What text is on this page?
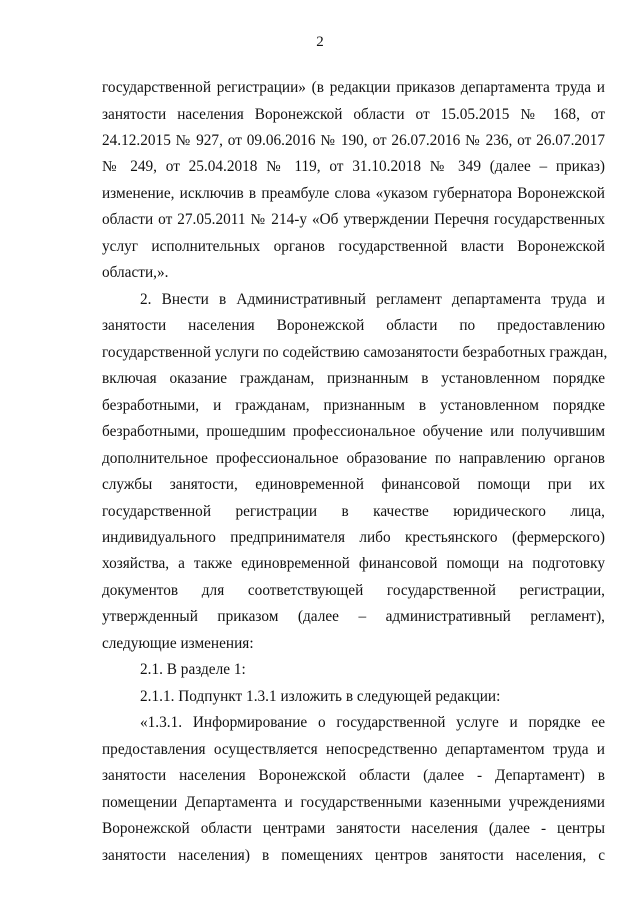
2
государственной регистрации» (в редакции приказов департамента труда и
занятости населения Воронежской области от 15.05.2015 № 168, от
24.12.2015 № 927, от 09.06.2016 № 190, от 26.07.2016 № 236, от 26.07.2017
№ 249, от 25.04.2018 № 119, от 31.10.2018 № 349 (далее – приказ)
изменение, исключив в преамбуле слова «указом губернатора Воронежской
области от 27.05.2011 № 214-у «Об утверждении Перечня государственных
услуг исполнительных органов государственной власти Воронежской
области,».
2. Внести в Административный регламент департамента труда и
занятости населения Воронежской области по предоставлению
государственной услуги по содействию самозанятости безработных граждан,
включая оказание гражданам, признанным в установленном порядке
безработными, и гражданам, признанным в установленном порядке
безработными, прошедшим профессиональное обучение или получившим
дополнительное профессиональное образование по направлению органов
службы занятости, единовременной финансовой помощи при их
государственной регистрации в качестве юридического лица,
индивидуального предпринимателя либо крестьянского (фермерского)
хозяйства, а также единовременной финансовой помощи на подготовку
документов для соответствующей государственной регистрации,
утвержденный приказом (далее – административный регламент),
следующие изменения:
2.1. В разделе 1:
2.1.1. Подпункт 1.3.1 изложить в следующей редакции:
«1.3.1. Информирование о государственной услуге и порядке ее
предоставления осуществляется непосредственно департаментом труда и
занятости населения Воронежской области (далее - Департамент) в
помещении Департамента и государственными казенными учреждениями
Воронежской области центрами занятости населения (далее - центры
занятости населения) в помещениях центров занятости населения, с
